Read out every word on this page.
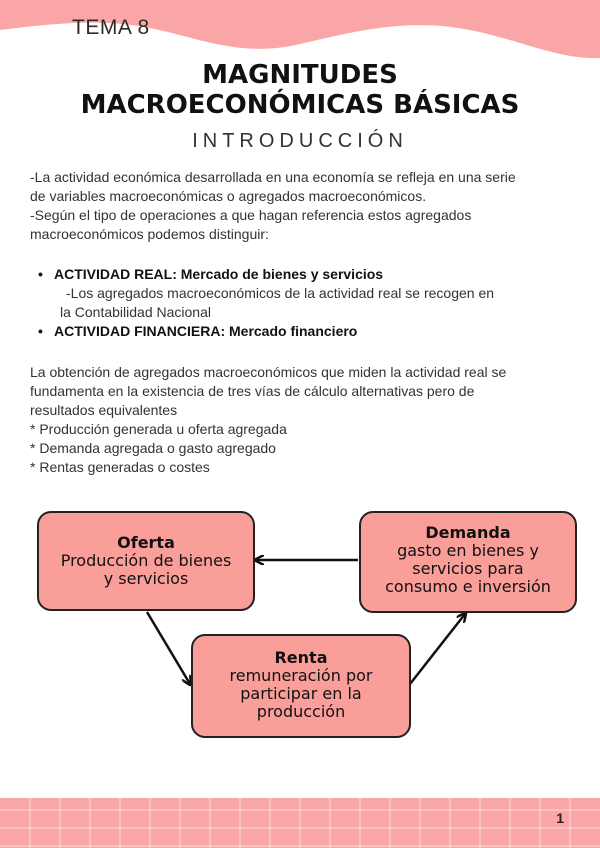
TEMA 8
MAGNITUDES
MACROECONÓMICAS BÁSICAS
INTRODUCCIÓN
-La actividad económica desarrollada en una economía se refleja en una serie
de variables macroeconómicas o agregados macroeconómicos.
-Según el tipo de operaciones a que hagan referencia estos agregados
macroeconómicos podemos distinguir:
• ACTIVIDAD REAL: Mercado de bienes y servicios
-Los agregados macroeconómicos de la actividad real se recogen en
la Contabilidad Nacional
• ACTIVIDAD FINANCIERA: Mercado financiero
La obtención de agregados macroeconómicos que miden la actividad real se
fundamenta en la existencia de tres vías de cálculo alternativas pero de
resultados equivalentes
* Producción generada u oferta agregada
* Demanda agregada o gasto agregado
* Rentas generadas o costes
Oferta
Producción de bienes
y servicios
Demanda
gasto en bienes y
servicios para
consumo e inversión
Renta
remuneración por
participar en la
producción
1
